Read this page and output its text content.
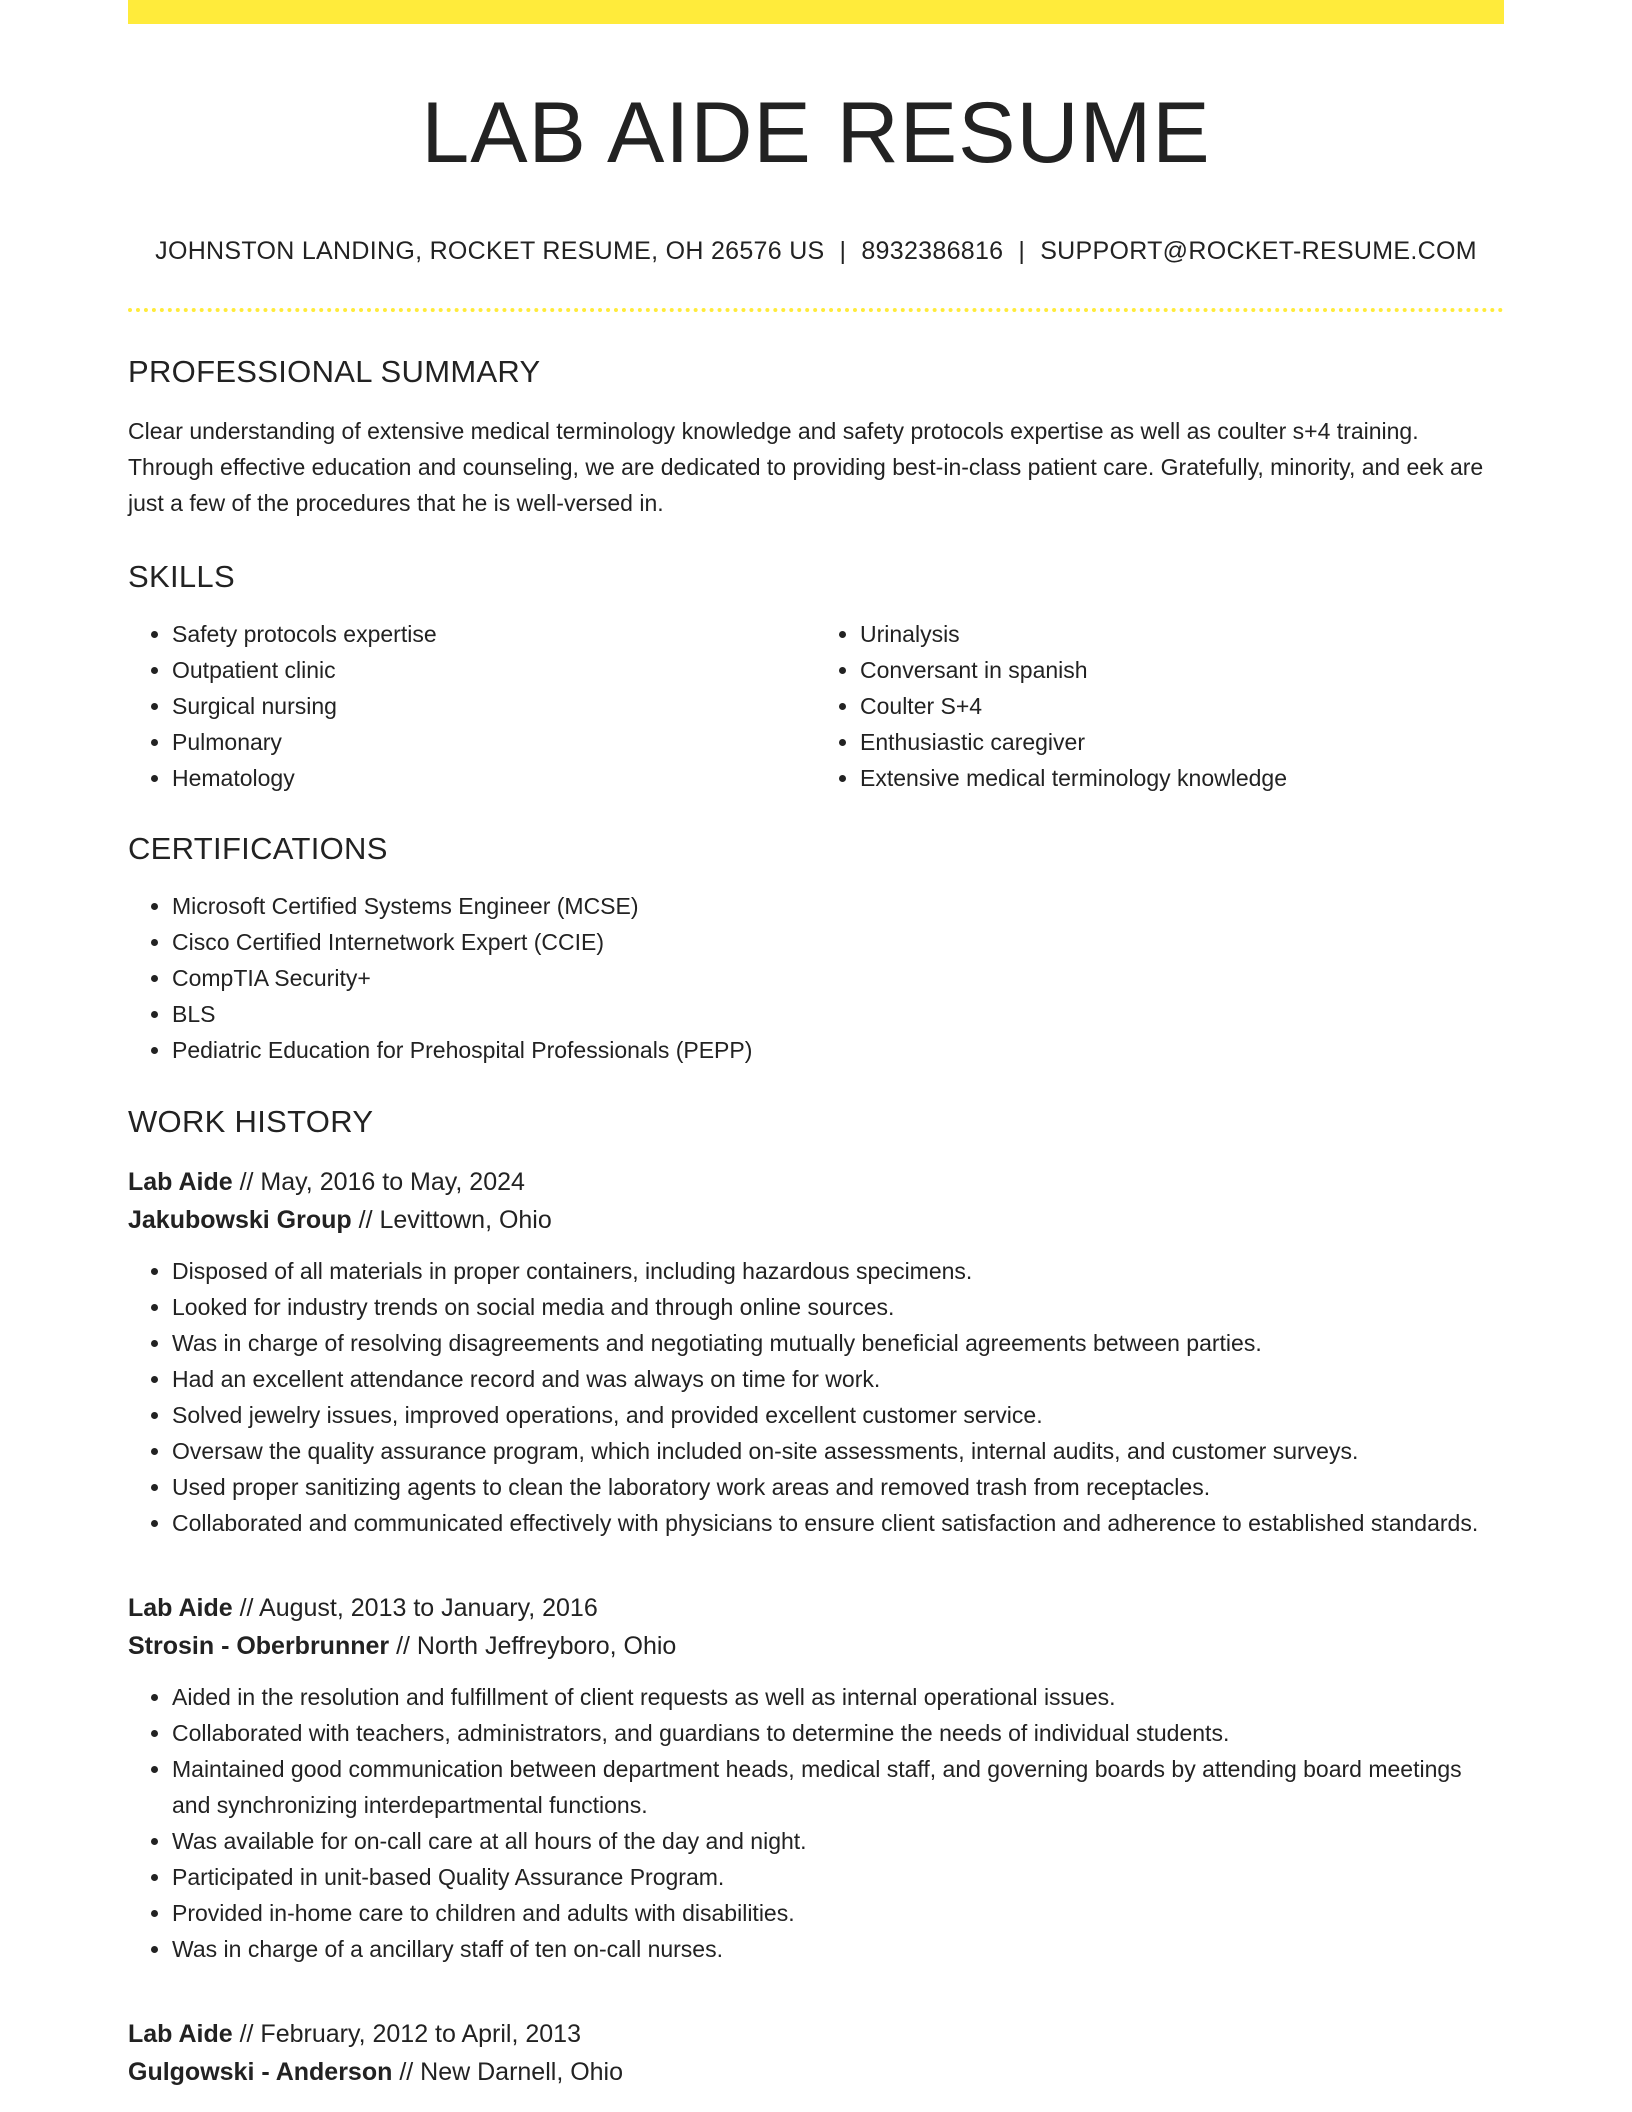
LAB AIDE RESUME
JOHNSTON LANDING, ROCKET RESUME, OH 26576 US | 8932386816 | SUPPORT@ROCKET-RESUME.COM
PROFESSIONAL SUMMARY

Clear understanding of extensive medical terminology knowledge and safety protocols expertise as well as coulter s+4 training. Through effective education and counseling, we are dedicated to providing best-in-class patient care. Gratefully, minority, and eek are just a few of the procedures that he is well-versed in.

SKILLS
• Safety protocols expertise
• Outpatient clinic
• Surgical nursing
• Pulmonary
• Hematology
• Urinalysis
• Conversant in spanish
• Coulter S+4
• Enthusiastic caregiver
• Extensive medical terminology knowledge
CERTIFICATIONS
• Microsoft Certified Systems Engineer (MCSE)
• Cisco Certified Internetwork Expert (CCIE)
• CompTIA Security+
• BLS
• Pediatric Education for Prehospital Professionals (PEPP)
WORK HISTORY
Lab Aide // May, 2016 to May, 2024
Jakubowski Group // Levittown, Ohio
• Disposed of all materials in proper containers, including hazardous specimens.
• Looked for industry trends on social media and through online sources.
• Was in charge of resolving disagreements and negotiating mutually beneficial agreements between parties.
• Had an excellent attendance record and was always on time for work.
• Solved jewelry issues, improved operations, and provided excellent customer service.
• Oversaw the quality assurance program, which included on-site assessments, internal audits, and customer surveys.
• Used proper sanitizing agents to clean the laboratory work areas and removed trash from receptacles.
• Collaborated and communicated effectively with physicians to ensure client satisfaction and adherence to established standards.
Lab Aide // August, 2013 to January, 2016
Strosin - Oberbrunner // North Jeffreyboro, Ohio
• Aided in the resolution and fulfillment of client requests as well as internal operational issues.
• Collaborated with teachers, administrators, and guardians to determine the needs of individual students.
• Maintained good communication between department heads, medical staff, and governing boards by attending board meetings and synchronizing interdepartmental functions.
• Was available for on-call care at all hours of the day and night.
• Participated in unit-based Quality Assurance Program.
• Provided in-home care to children and adults with disabilities.
• Was in charge of a ancillary staff of ten on-call nurses.
Lab Aide // February, 2012 to April, 2013
Gulgowski - Anderson // New Darnell, Ohio
